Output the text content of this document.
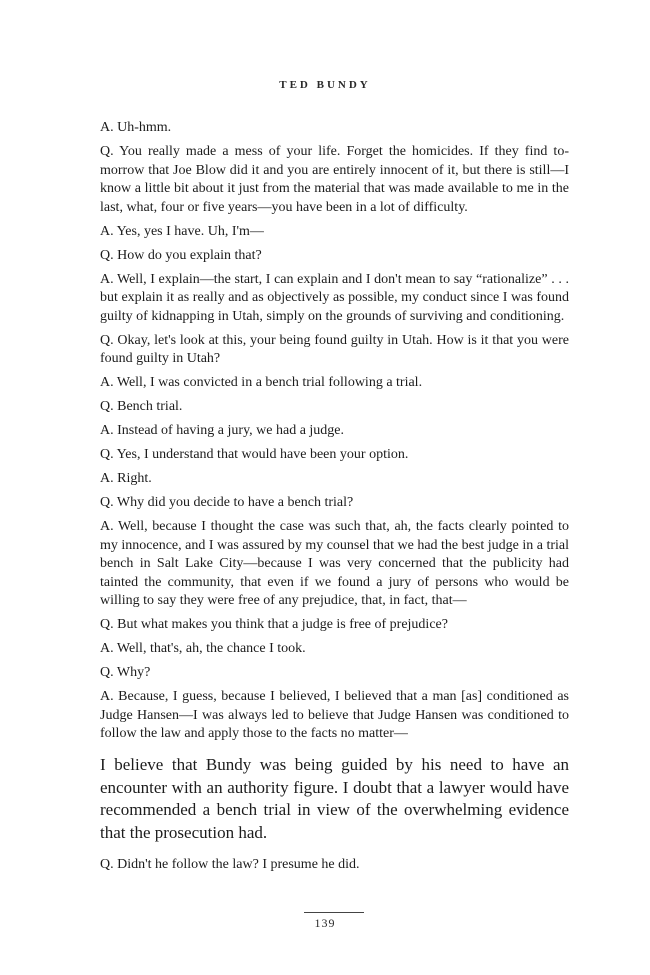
TED BUNDY

A. Uh-hmm.

Q. You really made a mess of your life. Forget the homicides. If they find tomorrow that Joe Blow did it and you are entirely innocent of it, but there is still—I know a little bit about it just from the material that was made available to me in the last, what, four or five years—you have been in a lot of difficulty.

A. Yes, yes I have. Uh, I'm—

Q. How do you explain that?

A. Well, I explain—the start, I can explain and I don't mean to say “rationalize” . . . but explain it as really and as objectively as possible, my conduct since I was found guilty of kidnapping in Utah, simply on the grounds of surviving and conditioning.

Q. Okay, let's look at this, your being found guilty in Utah. How is it that you were found guilty in Utah?

A. Well, I was convicted in a bench trial following a trial.

Q. Bench trial.

A. Instead of having a jury, we had a judge.

Q. Yes, I understand that would have been your option.

A. Right.

Q. Why did you decide to have a bench trial?

A. Well, because I thought the case was such that, ah, the facts clearly pointed to my innocence, and I was assured by my counsel that we had the best judge in a trial bench in Salt Lake City—because I was very concerned that the publicity had tainted the community, that even if we found a jury of persons who would be willing to say they were free of any prejudice, that, in fact, that—

Q. But what makes you think that a judge is free of prejudice?

A. Well, that's, ah, the chance I took.

Q. Why?

A. Because, I guess, because I believed, I believed that a man [as] conditioned as Judge Hansen—I was always led to believe that Judge Hansen was conditioned to follow the law and apply those to the facts no matter—

I believe that Bundy was being guided by his need to have an encounter with an authority figure. I doubt that a lawyer would have recommended a bench trial in view of the overwhelming evidence that the prosecution had.

Q. Didn't he follow the law? I presume he did.

139
